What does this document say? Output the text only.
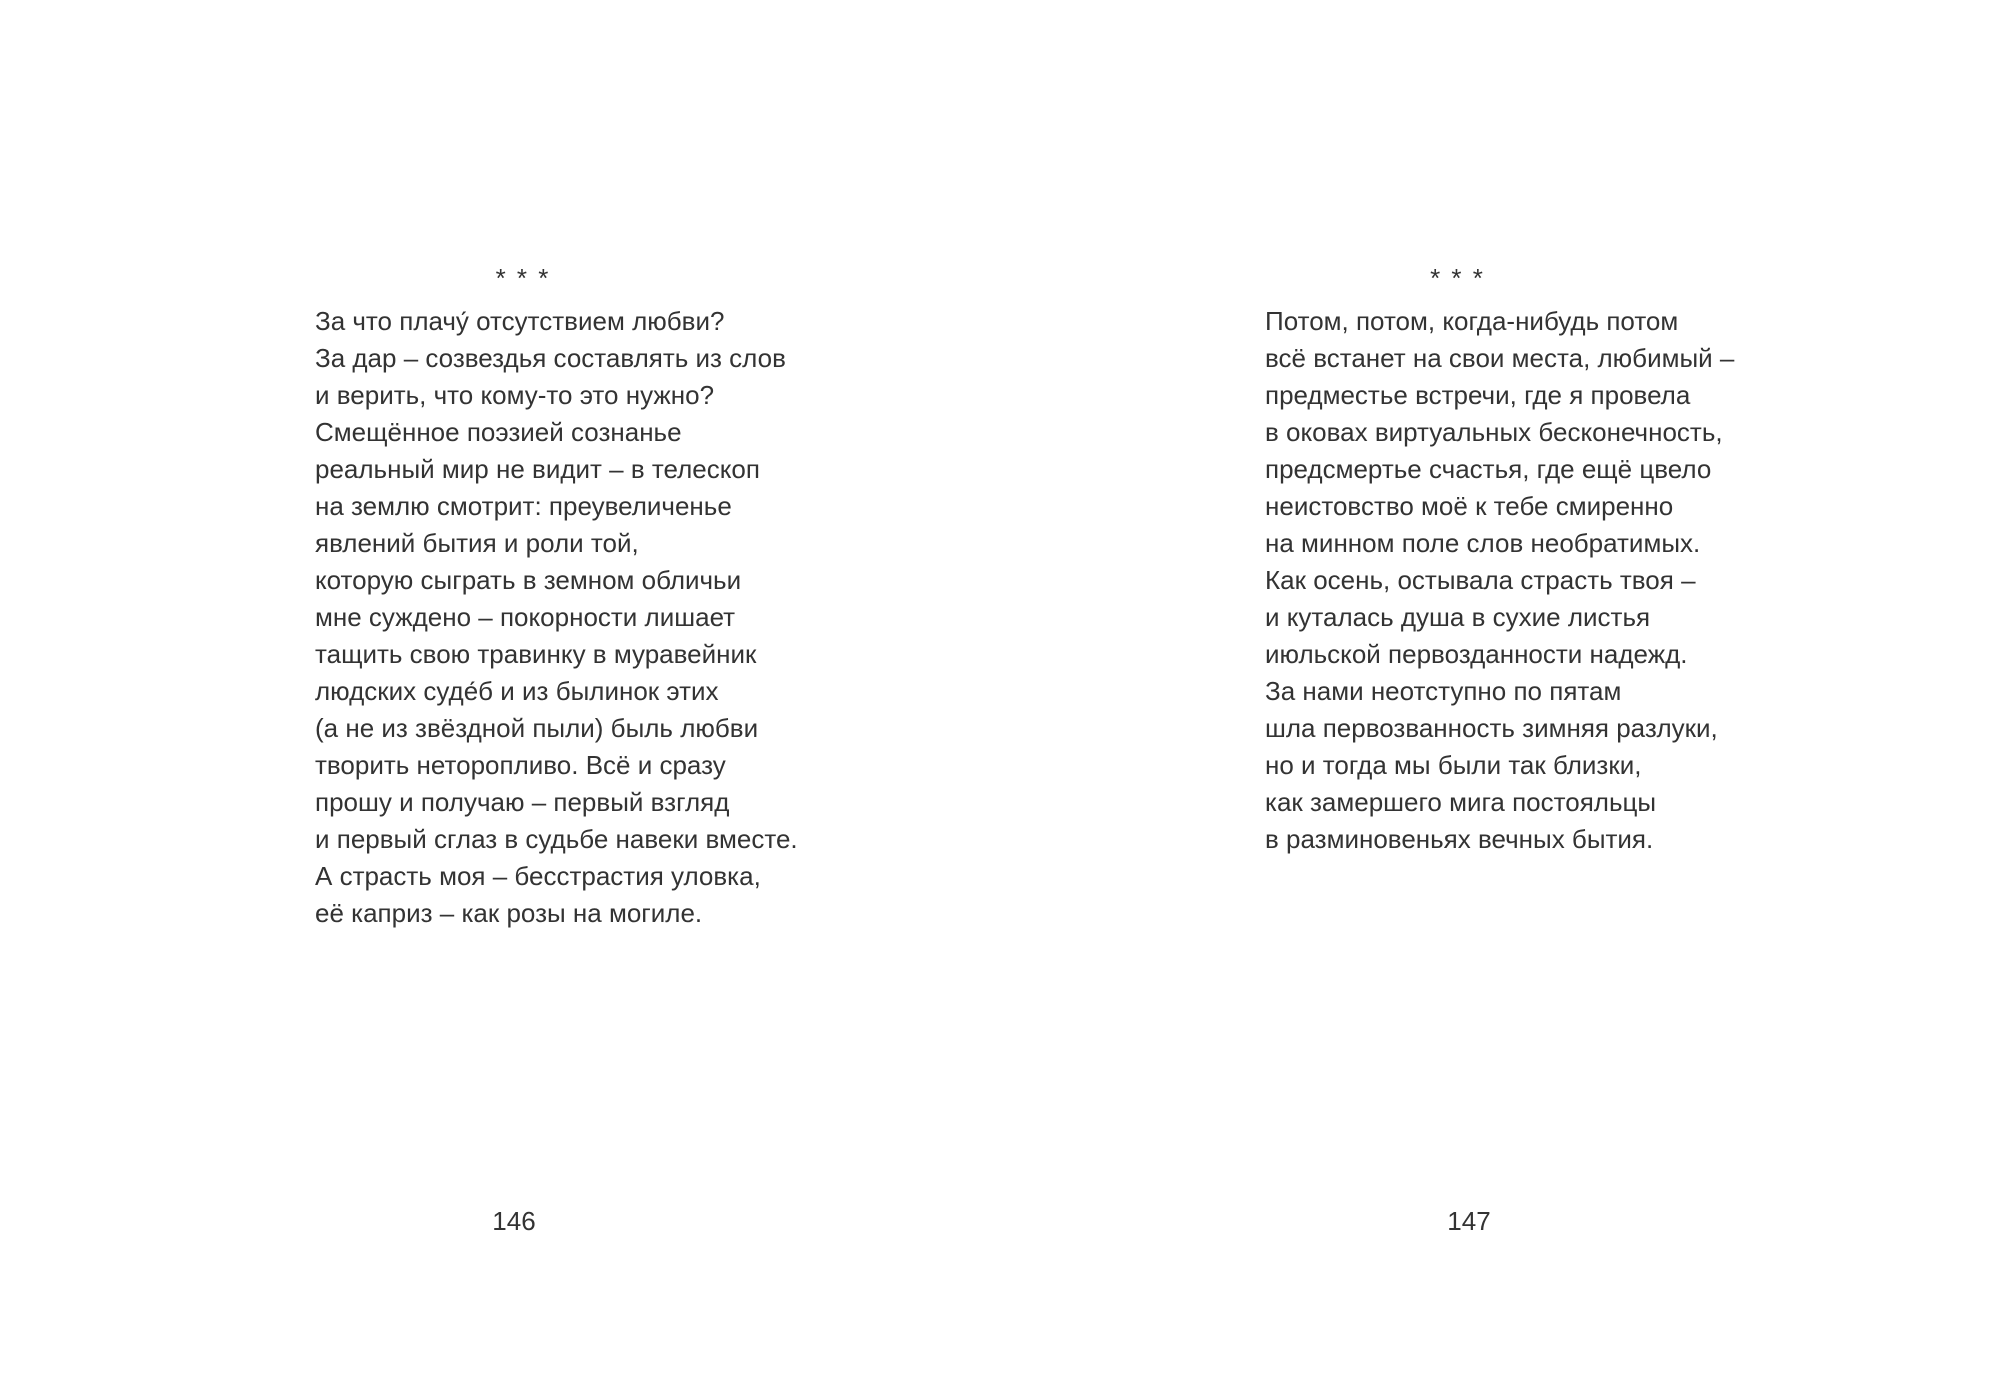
* * *
За что плачу́ отсутствием любви?
За дар – созвездья составлять из слов
и верить, что кому-то это нужно?
Смещённое поэзией сознанье
реальный мир не видит – в телескоп
на землю смотрит: преувеличенье
явлений бытия и роли той,
которую сыграть в земном обличьи
мне суждено – покорности лишает
тащить свою травинку в муравейник
людских суде́б и из былинок этих
(а не из звёздной пыли) быль любви
творить неторопливо. Всё и сразу
прошу и получаю – первый взгляд
и первый сглаз в судьбе навеки вместе.
А страсть моя – бесстрастия уловка,
её каприз – как розы на могиле.
146
* * *
Потом, потом, когда-нибудь потом
всё встанет на свои места, любимый –
предместье встречи, где я провела
в оковах виртуальных бесконечность,
предсмертье счастья, где ещё цвело
неистовство моё к тебе смиренно
на минном поле слов необратимых.
Как осень, остывала страсть твоя –
и куталась душа в сухие листья
июльской первозданности надежд.
За нами неотступно по пятам
шла первозванность зимняя разлуки,
но и тогда мы были так близки,
как замершего мига постояльцы
в разминовеньях вечных бытия.
147
